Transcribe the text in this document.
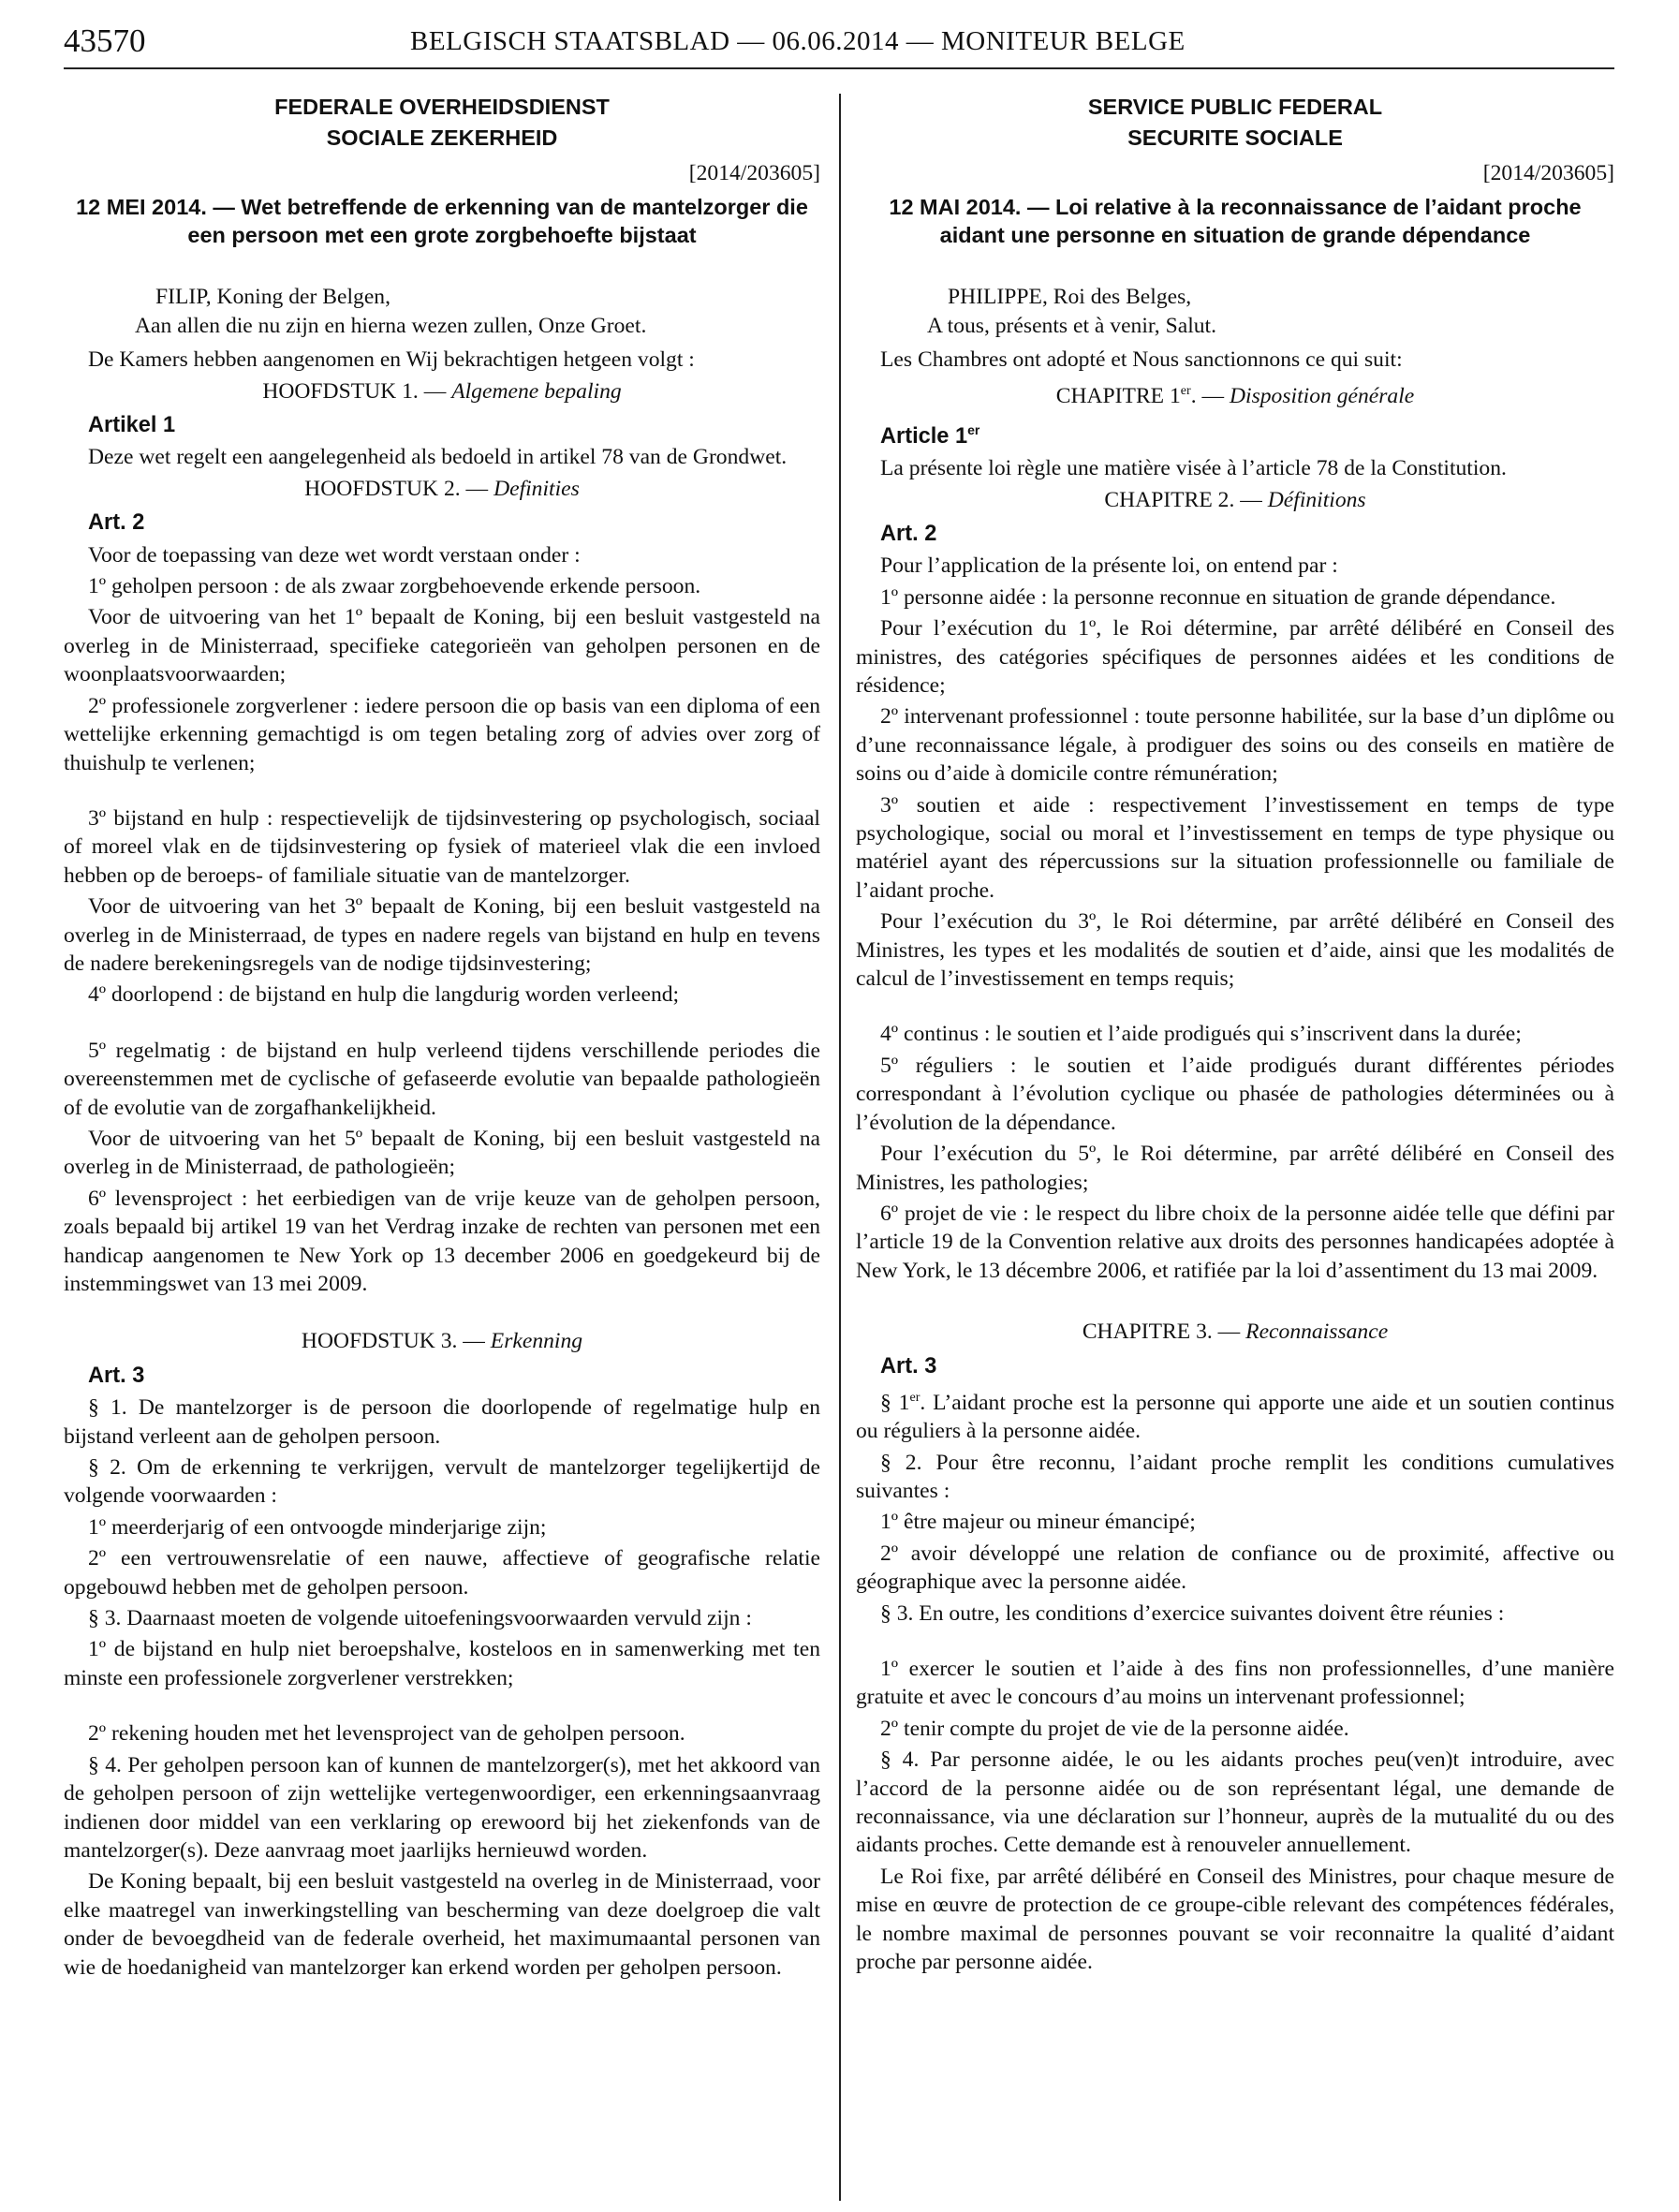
43570	BELGISCH STAATSBLAD — 06.06.2014 — MONITEUR BELGE
FEDERALE OVERHEIDSDIENST
SOCIALE ZEKERHEID
[2014/203605]
12 MEI 2014. — Wet betreffende de erkenning van de mantelzorger die een persoon met een grote zorgbehoefte bijstaat
FILIP, Koning der Belgen,
Aan allen die nu zijn en hierna wezen zullen, Onze Groet.

De Kamers hebben aangenomen en Wij bekrachtigen hetgeen volgt :

HOOFDSTUK 1. — Algemene bepaling
Artikel 1

Deze wet regelt een aangelegenheid als bedoeld in artikel 78 van de Grondwet.

HOOFDSTUK 2. — Definities
Art. 2

Voor de toepassing van deze wet wordt verstaan onder :

1º geholpen persoon : de als zwaar zorgbehoevende erkende persoon.

Voor de uitvoering van het 1º bepaalt de Koning, bij een besluit vastgesteld na overleg in de Ministerraad, specifieke categorieën van geholpen personen en de woonplaatsvoorwaarden;

2º professionele zorgverlener : iedere persoon die op basis van een diploma of een wettelijke erkenning gemachtigd is om tegen betaling zorg of advies over zorg of thuishulp te verlenen;

3º bijstand en hulp : respectievelijk de tijdsinvestering op psychologisch, sociaal of moreel vlak en de tijdsinvestering op fysiek of materieel vlak die een invloed hebben op de beroeps- of familiale situatie van de mantelzorger.

Voor de uitvoering van het 3º bepaalt de Koning, bij een besluit vastgesteld na overleg in de Ministerraad, de types en nadere regels van bijstand en hulp en tevens de nadere berekeningsregels van de nodige tijdsinvestering;

4º doorlopend : de bijstand en hulp die langdurig worden verleend;

5º regelmatig : de bijstand en hulp verleend tijdens verschillende periodes die overeenstemmen met de cyclische of gefaseerde evolutie van bepaalde pathologieën of de evolutie van de zorgafhankelijkheid.

Voor de uitvoering van het 5º bepaalt de Koning, bij een besluit vastgesteld na overleg in de Ministerraad, de pathologieën;

6º levensproject : het eerbiedigen van de vrije keuze van de geholpen persoon, zoals bepaald bij artikel 19 van het Verdrag inzake de rechten van personen met een handicap aangenomen te New York op 13 december 2006 en goedgekeurd bij de instemmingswet van 13 mei 2009.

HOOFDSTUK 3. — Erkenning
Art. 3

§ 1. De mantelzorger is de persoon die doorlopende of regelmatige hulp en bijstand verleent aan de geholpen persoon.

§ 2. Om de erkenning te verkrijgen, vervult de mantelzorger tegelijkertijd de volgende voorwaarden :

1º meerderjarig of een ontvoogde minderjarige zijn;

2º een vertrouwensrelatie of een nauwe, affectieve of geografische relatie opgebouwd hebben met de geholpen persoon.

§ 3. Daarnaast moeten de volgende uitoefeningsvoorwaarden vervuld zijn :

1º de bijstand en hulp niet beroepshalve, kosteloos en in samenwerking met ten minste een professionele zorgverlener verstrekken;

2º rekening houden met het levensproject van de geholpen persoon.

§ 4. Per geholpen persoon kan of kunnen de mantelzorger(s), met het akkoord van de geholpen persoon of zijn wettelijke vertegenwoordiger, een erkenningsaanvraag indienen door middel van een verklaring op erewoord bij het ziekenfonds van de mantelzorger(s). Deze aanvraag moet jaarlijks hernieuwd worden.

De Koning bepaalt, bij een besluit vastgesteld na overleg in de Ministerraad, voor elke maatregel van inwerkingstelling van bescherming van deze doelgroep die valt onder de bevoegdheid van de federale overheid, het maximumaantal personen van wie de hoedanigheid van mantelzorger kan erkend worden per geholpen persoon.

SERVICE PUBLIC FEDERAL
SECURITE SOCIALE
[2014/203605]
12 MAI 2014. — Loi relative à la reconnaissance de l’aidant proche aidant une personne en situation de grande dépendance
PHILIPPE, Roi des Belges,
A tous, présents et à venir, Salut.

Les Chambres ont adopté et Nous sanctionnons ce qui suit:

CHAPITRE 1er. — Disposition générale
Article 1er

La présente loi règle une matière visée à l’article 78 de la Constitution.

CHAPITRE 2. — Définitions
Art. 2

Pour l’application de la présente loi, on entend par :

1º personne aidée : la personne reconnue en situation de grande dépendance.

Pour l’exécution du 1º, le Roi détermine, par arrêté délibéré en Conseil des ministres, des catégories spécifiques de personnes aidées et les conditions de résidence;

2º intervenant professionnel : toute personne habilitée, sur la base d’un diplôme ou d’une reconnaissance légale, à prodiguer des soins ou des conseils en matière de soins ou d’aide à domicile contre rémunération;

3º soutien et aide : respectivement l’investissement en temps de type psychologique, social ou moral et l’investissement en temps de type physique ou matériel ayant des répercussions sur la situation professionnelle ou familiale de l’aidant proche.

Pour l’exécution du 3º, le Roi détermine, par arrêté délibéré en Conseil des Ministres, les types et les modalités de soutien et d’aide, ainsi que les modalités de calcul de l’investissement en temps requis;

4º continus : le soutien et l’aide prodigués qui s’inscrivent dans la durée;

5º réguliers : le soutien et l’aide prodigués durant différentes périodes correspondant à l’évolution cyclique ou phasée de pathologies déterminées ou à l’évolution de la dépendance.

Pour l’exécution du 5º, le Roi détermine, par arrêté délibéré en Conseil des Ministres, les pathologies;

6º projet de vie : le respect du libre choix de la personne aidée telle que défini par l’article 19 de la Convention relative aux droits des personnes handicapées adoptée à New York, le 13 décembre 2006, et ratifiée par la loi d’assentiment du 13 mai 2009.

CHAPITRE 3. — Reconnaissance
Art. 3

§ 1er. L’aidant proche est la personne qui apporte une aide et un soutien continus ou réguliers à la personne aidée.

§ 2. Pour être reconnu, l’aidant proche remplit les conditions cumulatives suivantes :

1º être majeur ou mineur émancipé;

2º avoir développé une relation de confiance ou de proximité, affective ou géographique avec la personne aidée.

§ 3. En outre, les conditions d’exercice suivantes doivent être réunies :

1º exercer le soutien et l’aide à des fins non professionnelles, d’une manière gratuite et avec le concours d’au moins un intervenant professionnel;

2º tenir compte du projet de vie de la personne aidée.

§ 4. Par personne aidée, le ou les aidants proches peu(ven)t introduire, avec l’accord de la personne aidée ou de son représentant légal, une demande de reconnaissance, via une déclaration sur l’honneur, auprès de la mutualité du ou des aidants proches. Cette demande est à renouveler annuellement.

Le Roi fixe, par arrêté délibéré en Conseil des Ministres, pour chaque mesure de mise en œuvre de protection de ce groupe-cible relevant des compétences fédérales, le nombre maximal de personnes pouvant se voir reconnaitre la qualité d’aidant proche par personne aidée.
